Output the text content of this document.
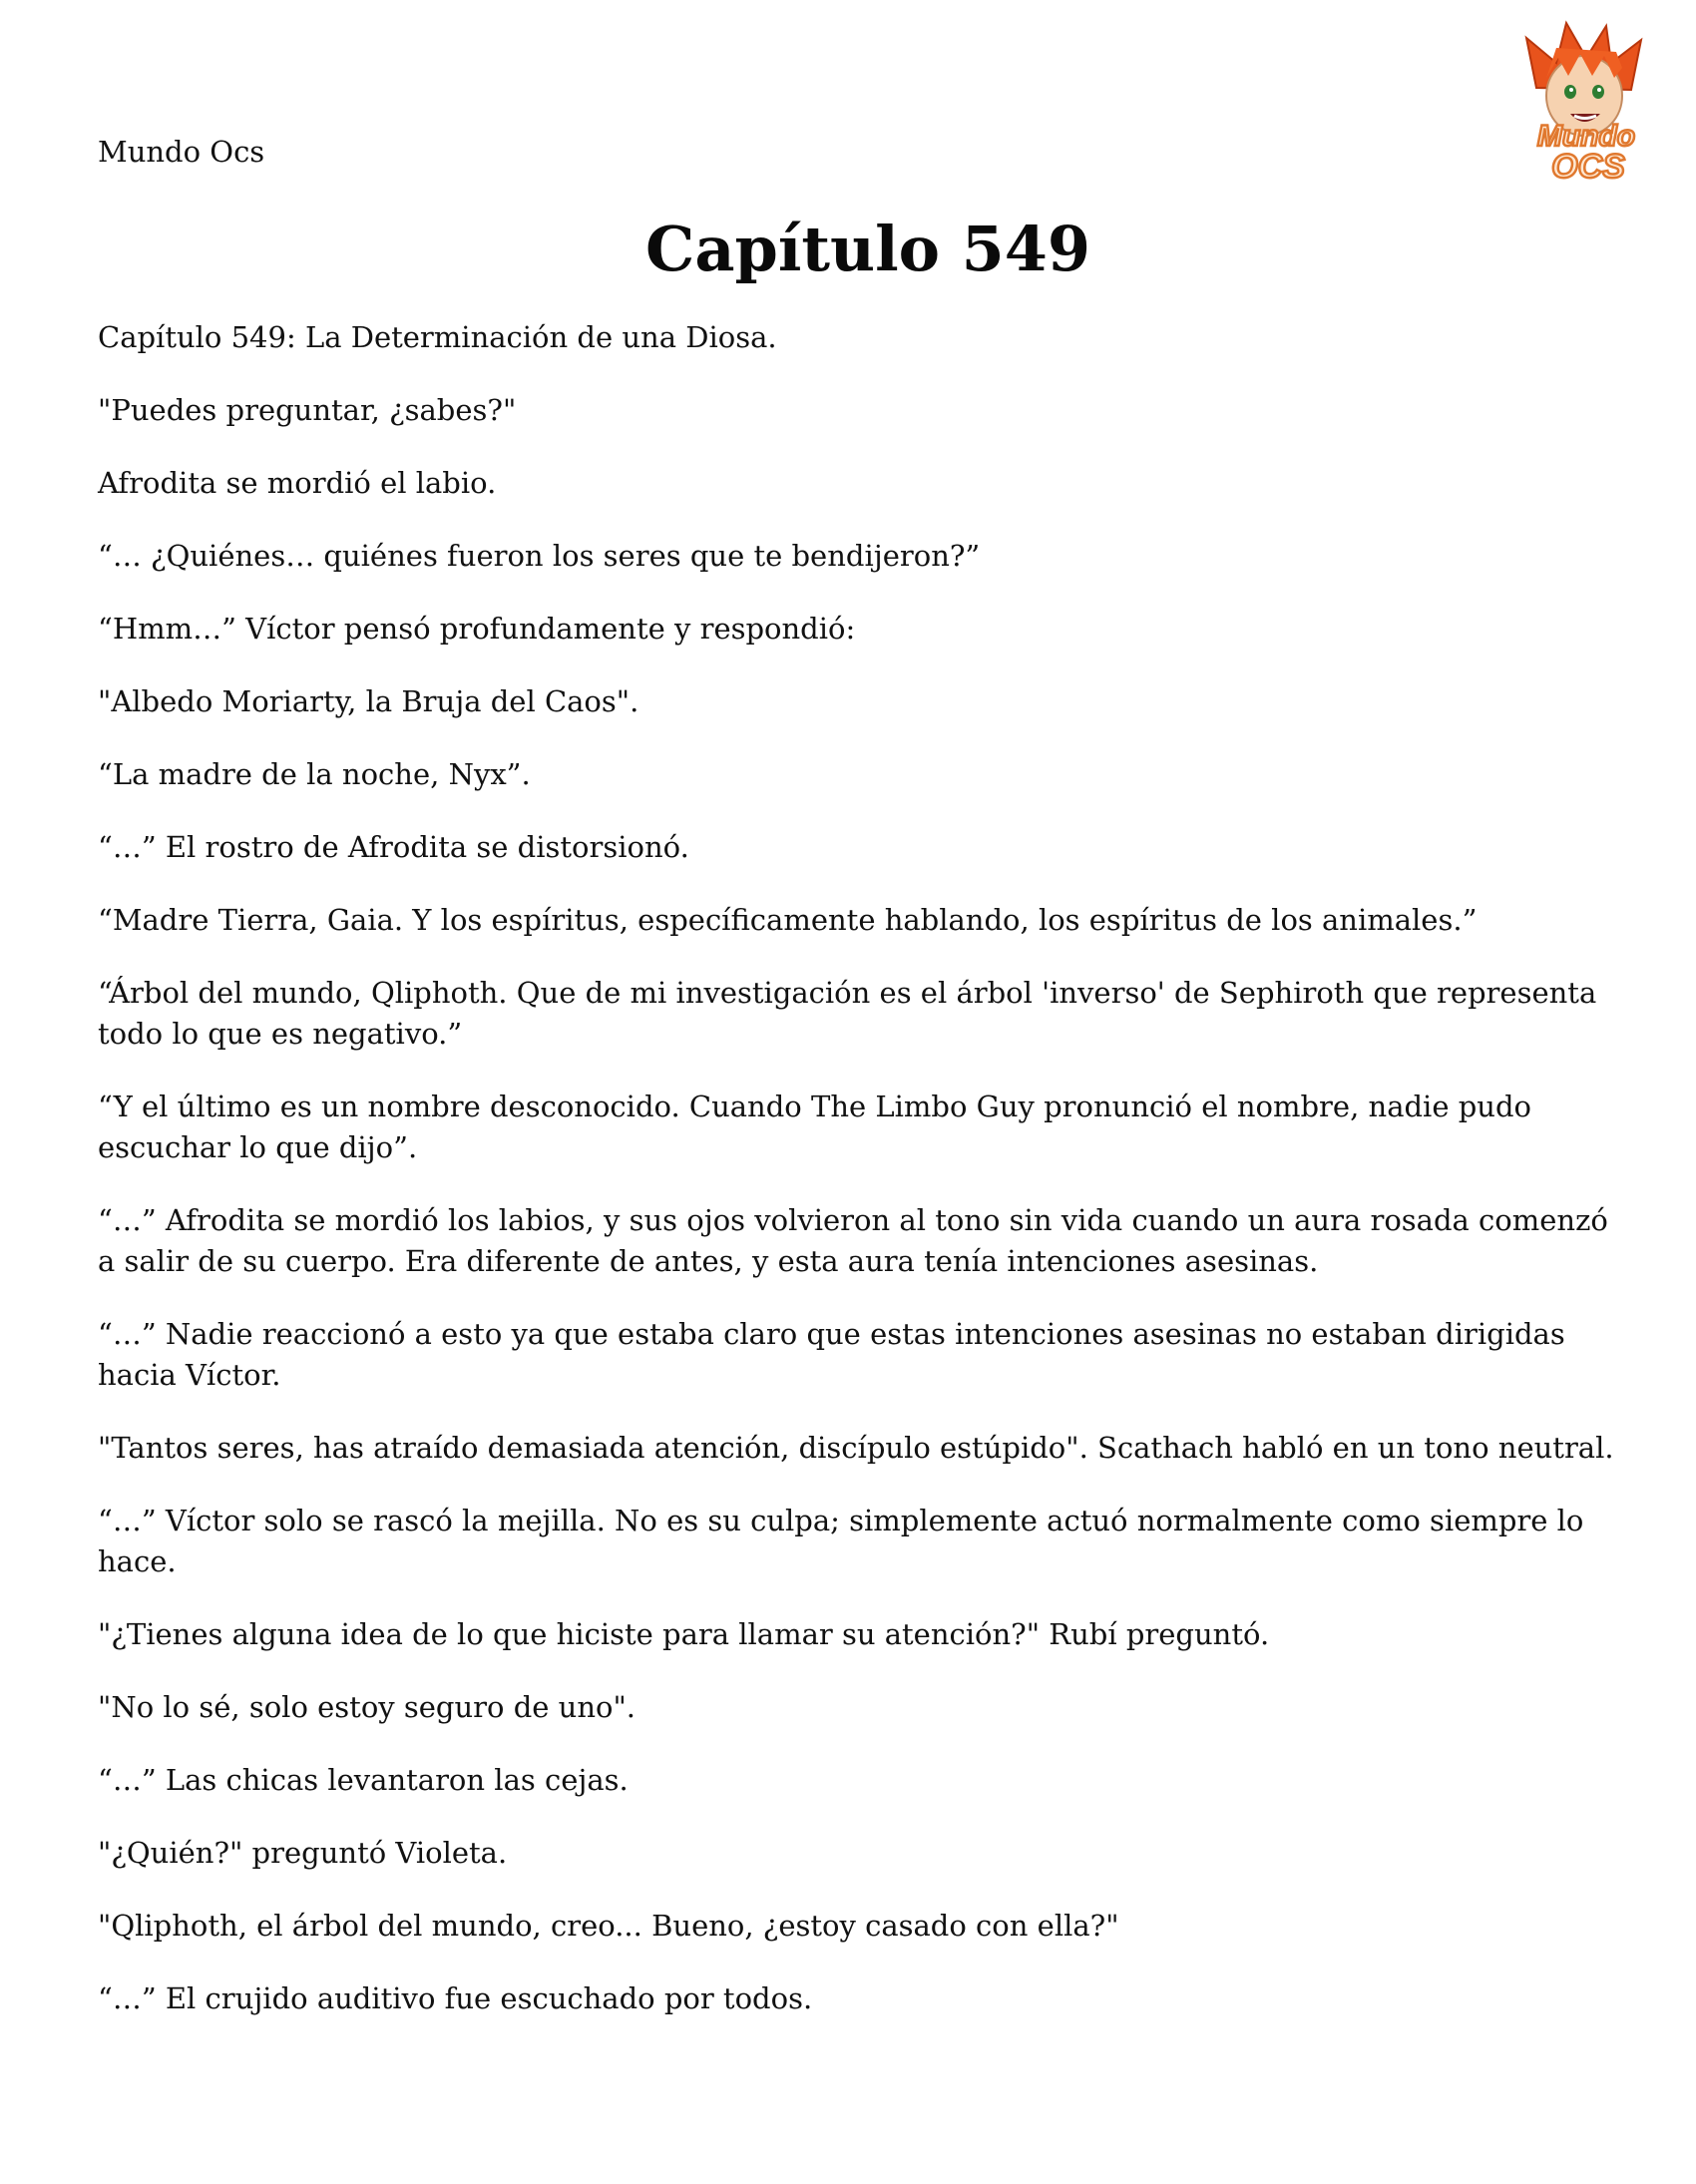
Mundo Ocs	Mundo
OCS
Capítulo 549

Capítulo 549: La Determinación de una Diosa.

"Puedes preguntar, ¿sabes?"

Afrodita se mordió el labio.

“… ¿Quiénes… quiénes fueron los seres que te bendijeron?”

“Hmm…” Víctor pensó profundamente y respondió:

"Albedo Moriarty, la Bruja del Caos".

“La madre de la noche, Nyx”.

“…” El rostro de Afrodita se distorsionó.

“Madre Tierra, Gaia. Y los espíritus, específicamente hablando, los espíritus de los animales.”

“Árbol del mundo, Qliphoth. Que de mi investigación es el árbol 'inverso' de Sephiroth que representa todo lo que es negativo.”

“Y el último es un nombre desconocido. Cuando The Limbo Guy pronunció el nombre, nadie pudo escuchar lo que dijo”.

“…” Afrodita se mordió los labios, y sus ojos volvieron al tono sin vida cuando un aura rosada comenzó a salir de su cuerpo. Era diferente de antes, y esta aura tenía intenciones asesinas.

“…” Nadie reaccionó a esto ya que estaba claro que estas intenciones asesinas no estaban dirigidas hacia Víctor.

"Tantos seres, has atraído demasiada atención, discípulo estúpido". Scathach habló en un tono neutral.

“…” Víctor solo se rascó la mejilla. No es su culpa; simplemente actuó normalmente como siempre lo hace.

"¿Tienes alguna idea de lo que hiciste para llamar su atención?" Rubí preguntó.

"No lo sé, solo estoy seguro de uno".

“…” Las chicas levantaron las cejas.

"¿Quién?" preguntó Violeta.

"Qliphoth, el árbol del mundo, creo... Bueno, ¿estoy casado con ella?"

“…” El crujido auditivo fue escuchado por todos.
